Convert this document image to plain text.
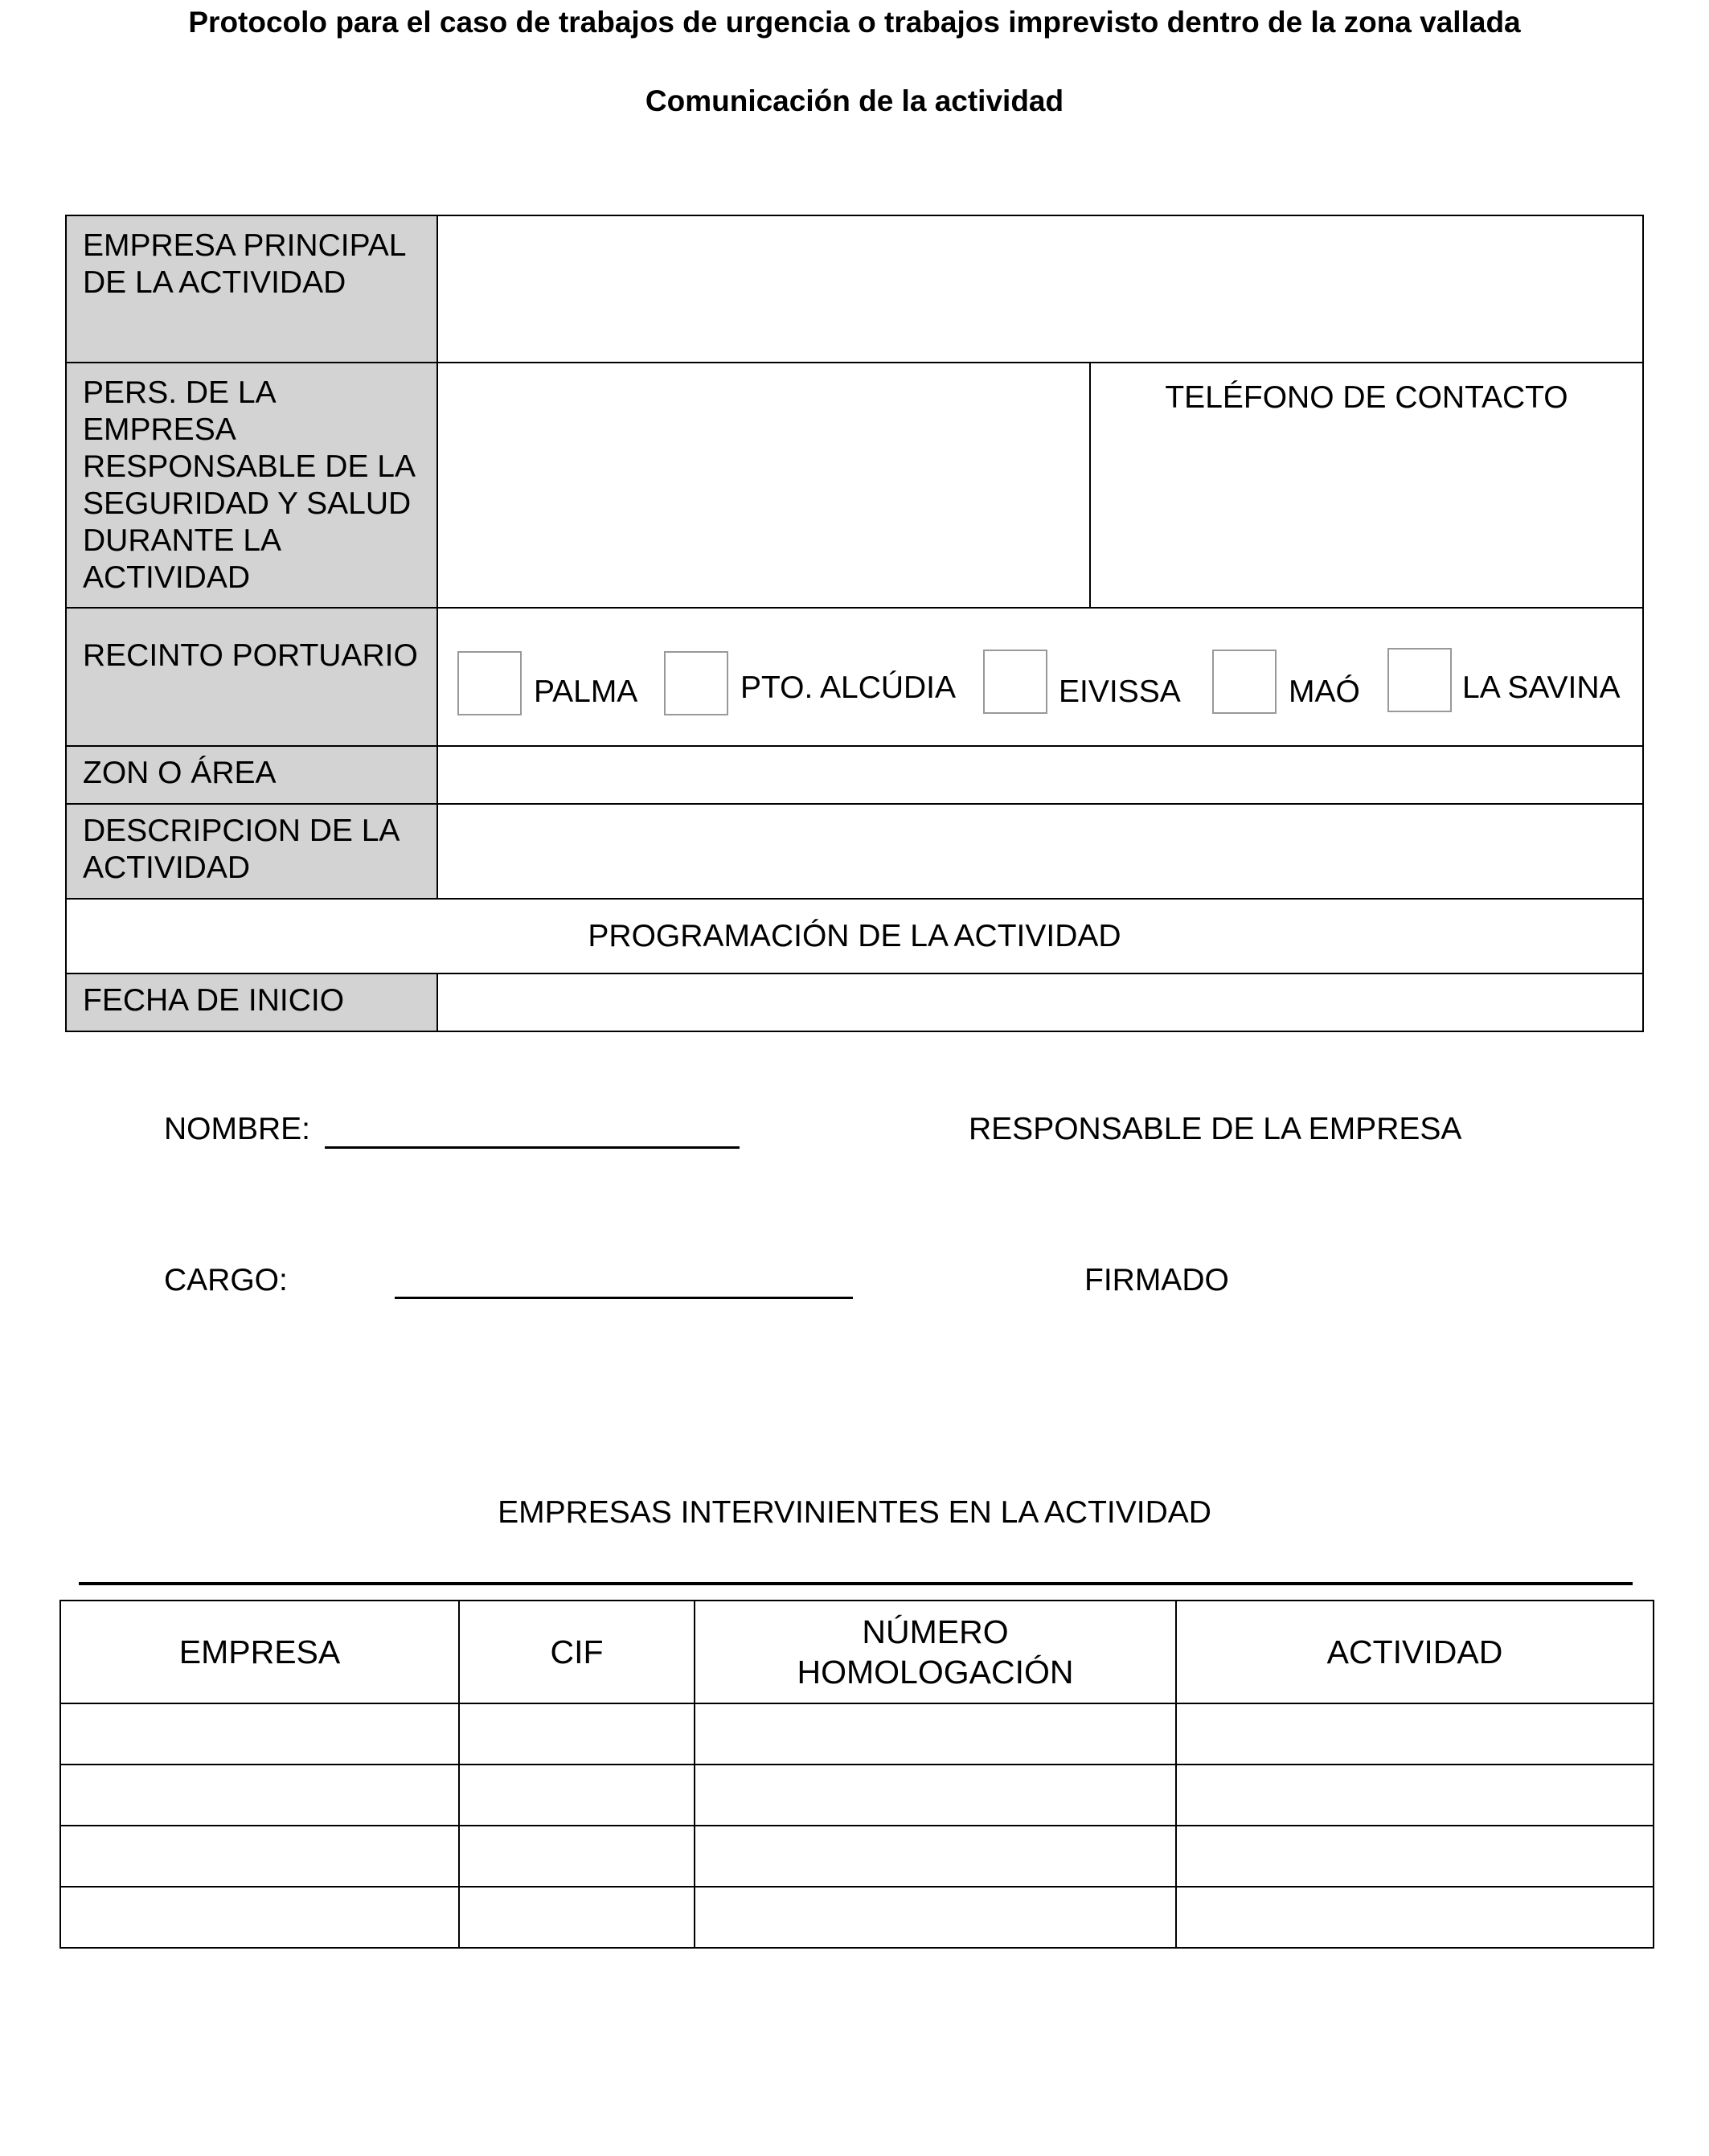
Protocolo para el caso de trabajos de urgencia o trabajos imprevisto dentro de la zona vallada
Comunicación de la actividad
EMPRESA PRINCIPAL DE LA ACTIVIDAD		
PERS. DE LA EMPRESA RESPONSABLE DE LA SEGURIDAD Y SALUD DURANTE LA ACTIVIDAD		TELÉFONO DE CONTACTO
RECINTO PORTUARIO	PALMA PTO. ALCÚDIA EIVISSA MAÓ LA SAVINA	

ZON O ÁREA		
DESCRIPCION DE LA ACTIVIDAD		
PROGRAMACIÓN DE LA ACTIVIDAD		
FECHA DE INICIO		
NOMBRE:	RESPONSABLE DE LA EMPRESA
CARGO:	FIRMADO
EMPRESAS INTERVINIENTES EN LA ACTIVIDAD
EMPRESA	CIF	NÚMERO HOMOLOGACIÓN	ACTIVIDAD
